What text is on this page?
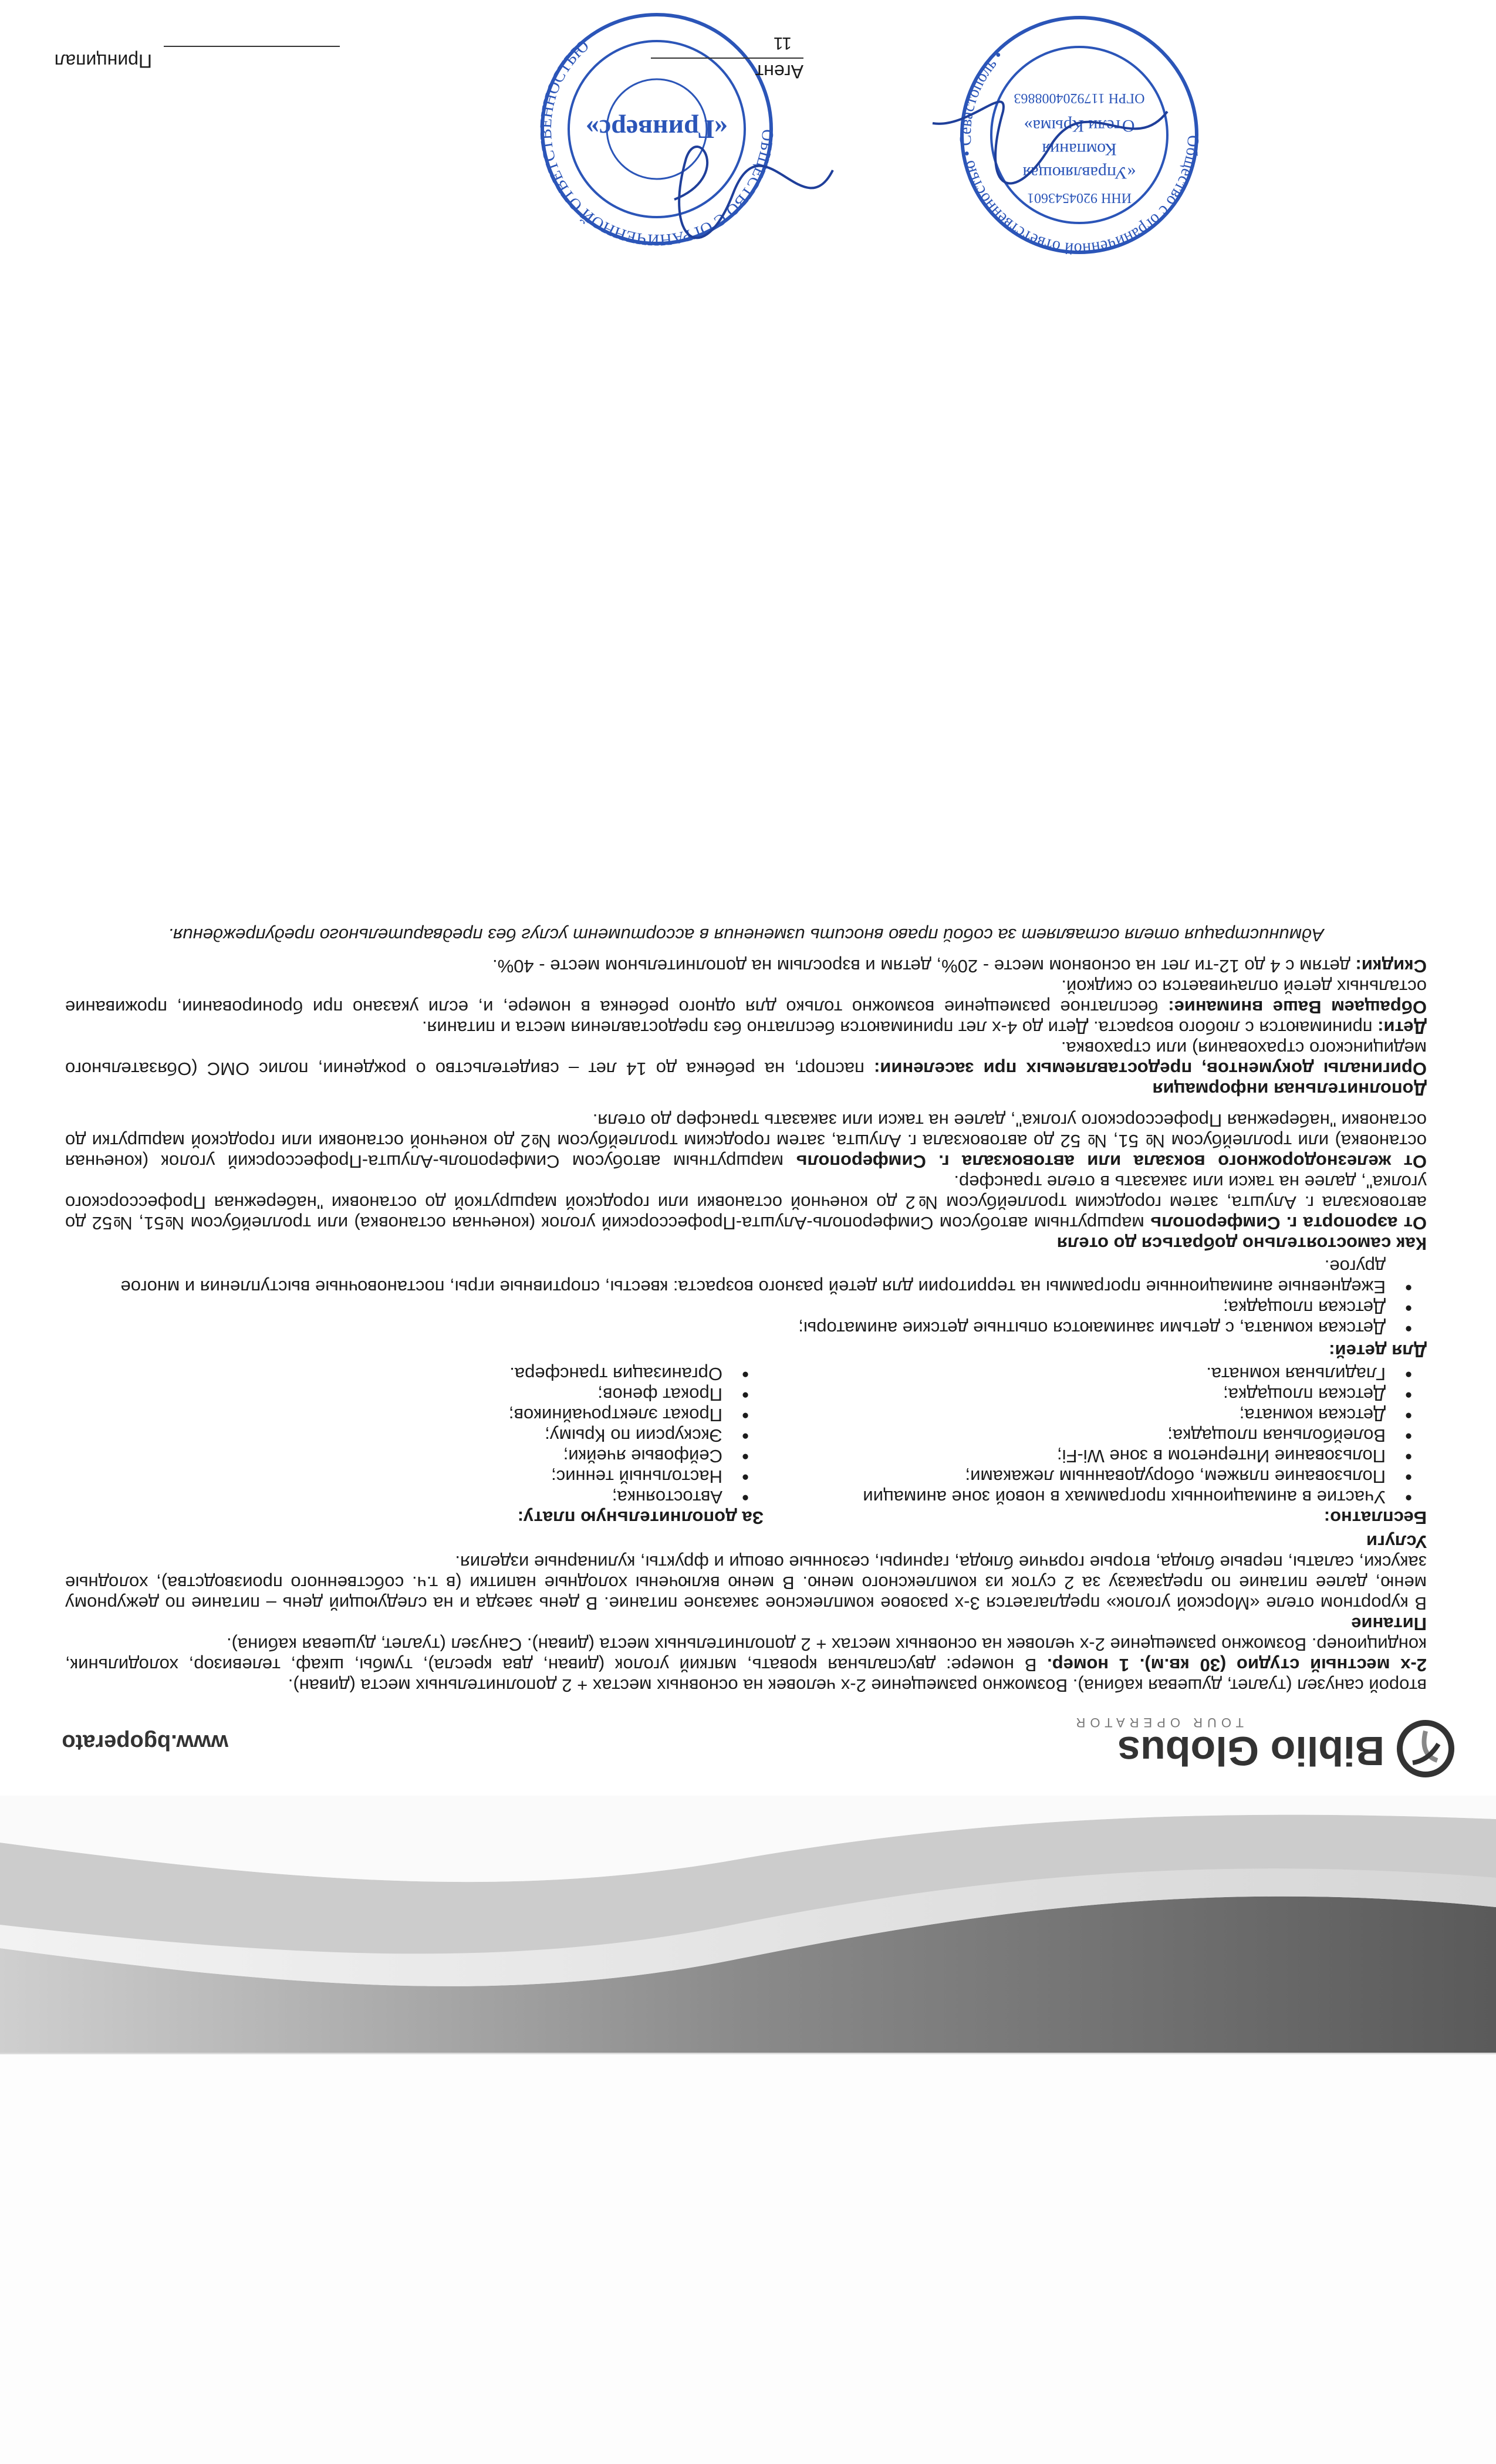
Biblio Globus
TOUR OPERATOR
www.bgoperato

второй санузел (туалет, душевая кабина). Возможно размещение 2-х человек на основных местах + 2 дополнительных места (диван).

2-х местный студио (30 кв.м). 1 номер. В номере: двуспальная кровать, мягкий уголок (диван, два кресла), тумбы, шкаф, телевизор, холодильник, кондиционер. Возможно размещение 2-х человек на основных местах + 2 дополнительных места (диван). Санузел (туалет, душевая кабина).

Питание

В курортном отеле «Морской уголок» предлагается 3-х разовое комплексное заказное питание. В день заезда и на следующий день – питание по дежурному меню, далее питание по предзаказу за 2 суток из комплексного меню. В меню включены холодные напитки (в т.ч. собственного производства), холодные закуски, салаты, первые блюда, вторые горячие блюда, гарниры, сезонные овощи и фрукты, кулинарные изделия.

Услуги

Бесплатно:

• Участие в анимационных программах в новой зоне анимации
• Пользование пляжем, оборудованным лежаками;
• Пользование Интернетом в зоне Wi-Fi;
• Волейбольная площадка;
• Детская комната;
• Детская площадка;
• Гладильная комната.

За дополнительную плату:

• Автостоянка;
• Настольный теннис;
• Сейфовые ячейки;
• Экскурсии по Крыму;
• Прокат электрочайников;
• Прокат фенов;
• Организация трансфера.

Для детей:

• Детская комната, с детьми занимаются опытные детские аниматоры;
• Детская площадка;
• Ежедневные анимационные программы на территории для детей разного возраста: квесты, спортивные игры, постановочные выступления и многое другое.

Как самостоятельно добраться до отеля

От аэропорта г. Симферополь маршрутным автобусом Симферополь-Алушта-Профессорский уголок (конечная остановка) или троллейбусом №51, №52 до автовокзала г. Алушта, затем городским троллейбусом №2 до конечной остановки или городской маршруткой до остановки "набережная Профессорского уголка", далее на такси или заказать в отеле трансфер.

От железнодорожного вокзала или автовокзала г. Симферополь маршрутным автобусом Симферополь-Алушта-Профессорский уголок (конечная остановка) или троллейбусом № 51, № 52 до автовокзала г. Алушта, затем городским троллейбусом №2 до конечной остановки или городской маршрутки до остановки "набережная Профессорского уголка", далее на такси или заказать трансфер до отеля.

Дополнительная информация

Оригиналы документов, предоставляемых при заселении: паспорт, на ребенка до 14 лет – свидетельство о рождении, полис ОМС (Обязательного медицинского страхования) или страховка.

Дети: принимаются с любого возраста. Дети до 4-х лет принимаются бесплатно без предоставления места и питания.

Обращаем Ваше внимание: бесплатное размещение возможно только для одного ребенка в номере, и, если указано при бронировании, проживание остальных детей оплачивается со скидкой.

Скидки: детям с 4 до 12-ти лет на основном месте - 20%, детям и взрослым на дополнительном месте - 40%.

Администрация отеля оставляет за собой право вносить изменения в ассортимент услуг без предварительного предупреждения.

ОБЩЕСТВО С ОГРАНИЧЕННОЙ ОТВЕТСТВЕННОСТЬЮ
«Гринверс»	Общество с ограниченной ответственностью • Севастополь •
«Управляющая
Компания
Отели Крыма»
ОГРН 1179204008863
ИНН 9204543601
Агент
11
Принципал
